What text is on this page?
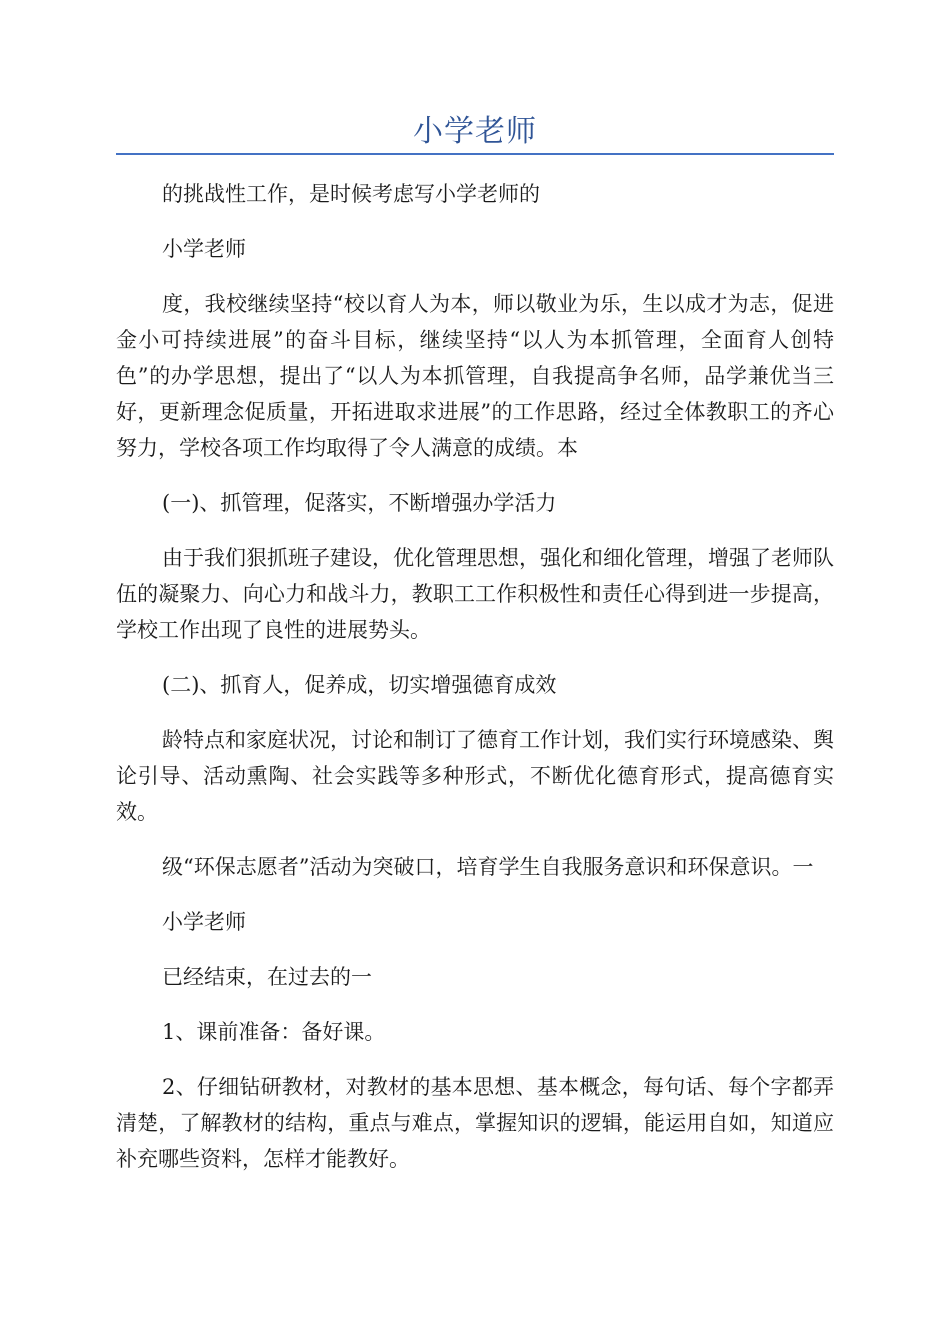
小学老师

的挑战性工作，是时候考虑写小学老师的

小学老师

度，我校继续坚持“校以育人为本，师以敬业为乐，生以成才为志，促进金小可持续进展”的奋斗目标，继续坚持“以人为本抓管理，全面育人创特色”的办学思想，提出了“以人为本抓管理，自我提高争名师，品学兼优当三好，更新理念促质量，开拓进取求进展”的工作思路，经过全体教职工的齐心努力，学校各项工作均取得了令人满意的成绩。本

(一)、抓管理，促落实，不断增强办学活力

由于我们狠抓班子建设，优化管理思想，强化和细化管理，增强了老师队伍的凝聚力、向心力和战斗力，教职工工作积极性和责任心得到进一步提高，学校工作出现了良性的进展势头。

(二)、抓育人，促养成，切实增强德育成效

龄特点和家庭状况，讨论和制订了德育工作计划，我们实行环境感染、舆论引导、活动熏陶、社会实践等多种形式，不断优化德育形式，提高德育实效。

级“环保志愿者”活动为突破口，培育学生自我服务意识和环保意识。一

小学老师

已经结束，在过去的一

1、课前准备：备好课。

2、仔细钻研教材，对教材的基本思想、基本概念，每句话、每个字都弄清楚，了解教材的结构，重点与难点，掌握知识的逻辑，能运用自如，知道应补充哪些资料，怎样才能教好。
